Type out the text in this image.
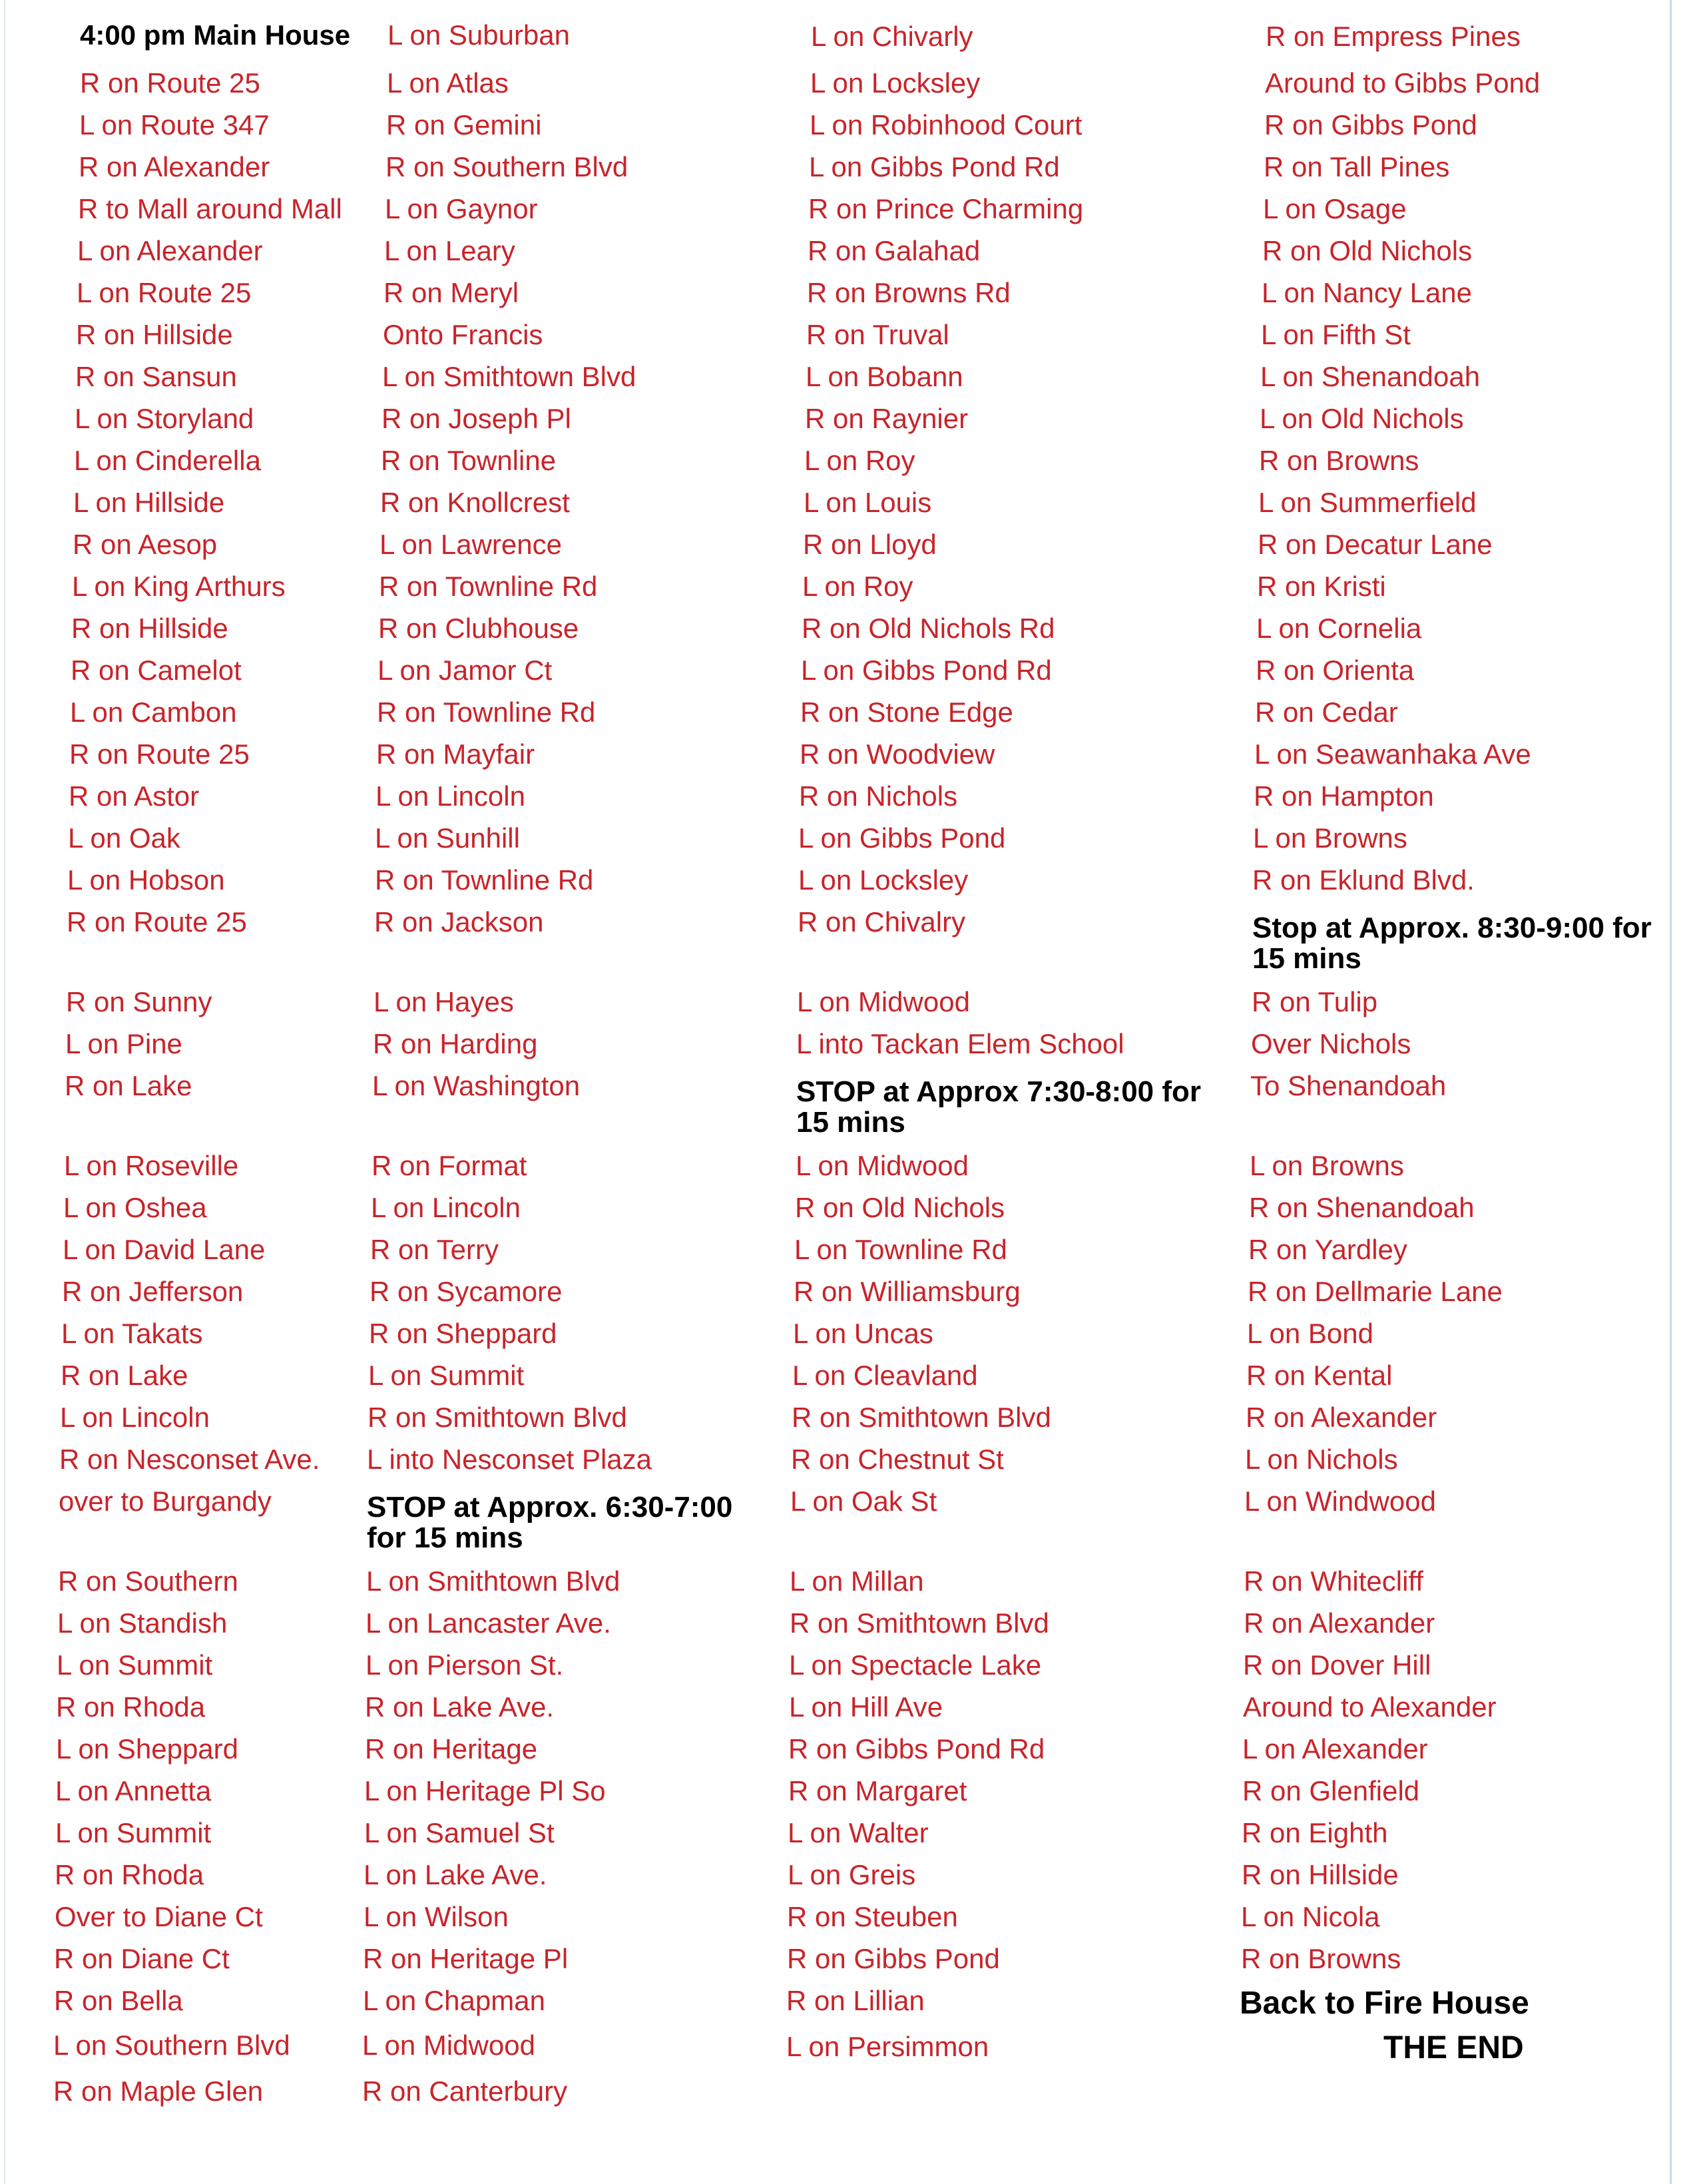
4:00 pm Main House
R on Route 25
L on Route 347
R on Alexander
R to Mall around Mall
L on Alexander
L on Route 25
R on Hillside
R on Sansun
L on Storyland
L on Cinderella
L on Hillside
R on Aesop
L on King Arthurs
R on Hillside
R on Camelot
L on Cambon
R on Route 25
R on Astor
L on Oak
L on Hobson
R on Route 25
R on Sunny
L on Pine
R on Lake
L on Roseville
L on Oshea
L on David Lane
R on Jefferson
L on Takats
R on Lake
L on Lincoln
R on Nesconset Ave.
over to Burgandy
R on Southern
L on Standish
L on Summit
R on Rhoda
L on Sheppard
L on Annetta
L on Summit
R on Rhoda
Over to Diane Ct
R on Diane Ct
R on Bella
L on Southern Blvd
R on Maple Glen
L on Suburban
L on Atlas
R on Gemini
R on Southern Blvd
L on Gaynor
L on Leary
R on Meryl
Onto Francis
L on Smithtown Blvd
R on Joseph Pl
R on Townline
R on Knollcrest
L on Lawrence
R on Townline Rd
R on Clubhouse
L on Jamor Ct
R on Townline Rd
R on Mayfair
L on Lincoln
L on Sunhill
R on Townline Rd
R on Jackson
L on Hayes
R on Harding
L on Washington
R on Format
L on Lincoln
R on Terry
R on Sycamore
R on Sheppard
L on Summit
R on Smithtown Blvd
L into Nesconset Plaza
STOP at Approx. 6:30-7:00 for 15 mins
L on Smithtown Blvd
L on Lancaster Ave.
L on Pierson St.
R on Lake Ave.
R on Heritage
L on Heritage Pl So
L on Samuel St
L on Lake Ave.
L on Wilson
R on Heritage Pl
L on Chapman
L on Midwood
R on Canterbury
L on Chivarly
L on Locksley
L on Robinhood Court
L on Gibbs Pond Rd
R on Prince Charming
R on Galahad
R on Browns Rd
R on Truval
L on Bobann
R on Raynier
L on Roy
L on Louis
R on Lloyd
L on Roy
R on Old Nichols Rd
L on Gibbs Pond Rd
R on Stone Edge
R on Woodview
R on Nichols
L on Gibbs Pond
L on Locksley
R on Chivalry
L on Midwood
L into Tackan Elem School
STOP at Approx 7:30-8:00 for 15 mins
L on Midwood
R on Old Nichols
L on Townline Rd
R on Williamsburg
L on Uncas
L on Cleavland
R on Smithtown Blvd
R on Chestnut St
L on Oak St
L on Millan
R on Smithtown Blvd
L on Spectacle Lake
L on Hill Ave
R on Gibbs Pond Rd
R on Margaret
L on Walter
L on Greis
R on Steuben
R on Gibbs Pond
R on Lillian
L on Persimmon
R on Empress Pines
Around to Gibbs Pond
R on Gibbs Pond
R on Tall Pines
L on Osage
R on Old Nichols
L on Nancy Lane
L on Fifth St
L on Shenandoah
L on Old Nichols
R on Browns
L on Summerfield
R on Decatur Lane
R on Kristi
L on Cornelia
R on Orienta
R on Cedar
L on Seawanhaka Ave
R on Hampton
L on Browns
R on Eklund Blvd.
Stop at Approx. 8:30-9:00 for 15 mins
R on Tulip
Over Nichols
To Shenandoah
L on Browns
R on Shenandoah
R on Yardley
R on Dellmarie Lane
L on Bond
R on Kental
R on Alexander
L on Nichols
L on Windwood
R on Whitecliff
R on Alexander
R on Dover Hill
Around to Alexander
L on Alexander
R on Glenfield
R on Eighth
R on Hillside
L on Nicola
R on Browns
Back to Fire House
THE END
